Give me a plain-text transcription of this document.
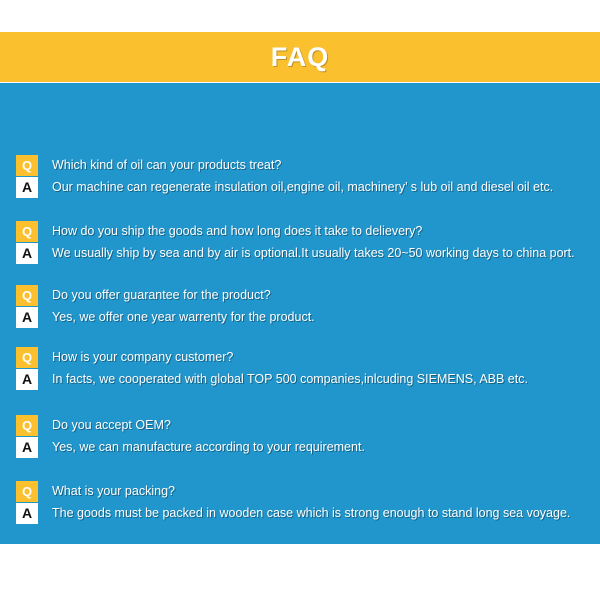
FAQ
Q	Which kind of oil can your products treat?
A	Our machine can regenerate insulation oil,engine oil, machinery’ s lub oil and diesel oil etc.
Q	How do you ship the goods and how long does it take to delievery?
A	We usually ship by sea and by air is optional.It usually takes 20~50 working days to china port.
Q	Do you offer guarantee for the product?
A	Yes, we offer one year warrenty for the product.
Q	How is your company customer?
A	In facts, we cooperated with global TOP 500 companies,inlcuding SIEMENS, ABB etc.
Q	Do you accept OEM?
A	Yes, we can manufacture according to your requirement.
Q	What is your packing?
A	The goods must be packed in wooden case which is strong enough to stand long sea voyage.
